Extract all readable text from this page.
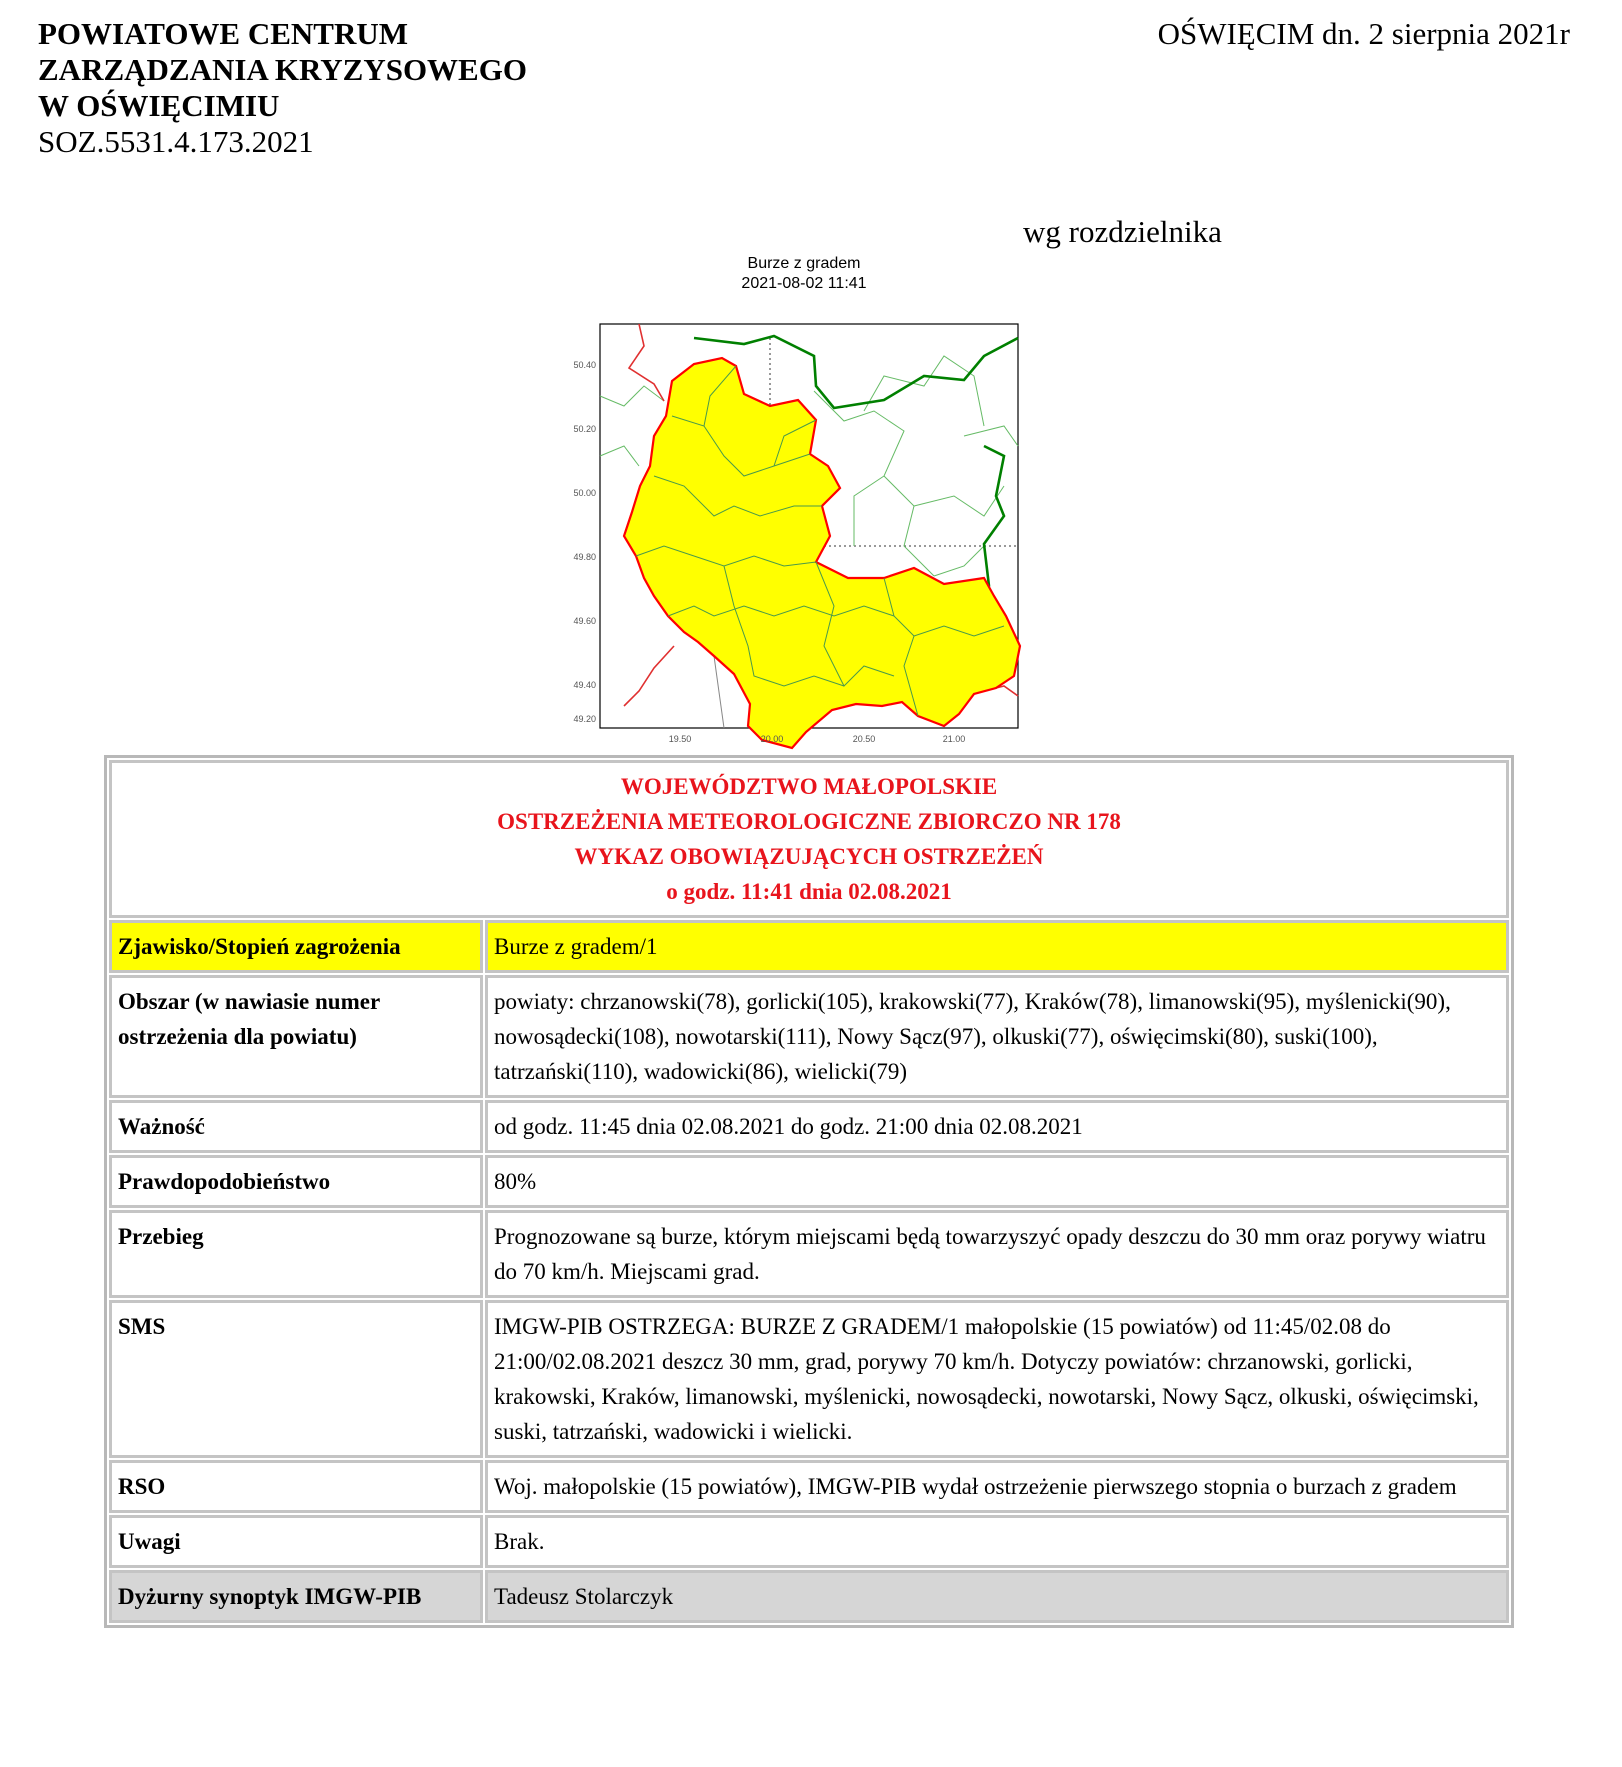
POWIATOWE CENTRUM
ZARZĄDZANIA KRYZYSOWEGO
W OŚWIĘCIMIU
SOZ.5531.4.173.2021
OŚWIĘCIM dn. 2 sierpnia 2021r
wg rozdzielnika
Burze z gradem
2021-08-02 11:41
50.40
50.20
50.00
49.80
49.60
49.40
49.20
19.50	20.00	20.50	21.00
WOJEWÓDZTWO MAŁOPOLSKIE
OSTRZEŻENIA METEOROLOGICZNE ZBIORCZO NR 178
WYKAZ OBOWIĄZUJĄCYCH OSTRZEŻEŃ
o godz. 11:41 dnia 02.08.2021	

Zjawisko/Stopień zagrożenia	Burze z gradem/1
Obszar (w nawiasie numer ostrzeżenia dla powiatu)	powiaty: chrzanowski(78), gorlicki(105), krakowski(77), Kraków(78), limanowski(95), myślenicki(90), nowosądecki(108), nowotarski(111), Nowy Sącz(97), olkuski(77), oświęcimski(80), suski(100), tatrzański(110), wadowicki(86), wielicki(79)
Ważność	od godz. 11:45 dnia 02.08.2021 do godz. 21:00 dnia 02.08.2021
Prawdopodobieństwo	80%
Przebieg	Prognozowane są burze, którym miejscami będą towarzyszyć opady deszczu do 30 mm oraz porywy wiatru do 70 km/h. Miejscami grad.
SMS	IMGW-PIB OSTRZEGA: BURZE Z GRADEM/1 małopolskie (15 powiatów) od 11:45/02.08 do 21:00/02.08.2021 deszcz 30 mm, grad, porywy 70 km/h. Dotyczy powiatów: chrzanowski, gorlicki, krakowski, Kraków, limanowski, myślenicki, nowosądecki, nowotarski, Nowy Sącz, olkuski, oświęcimski, suski, tatrzański, wadowicki i wielicki.
RSO	Woj. małopolskie (15 powiatów), IMGW-PIB wydał ostrzeżenie pierwszego stopnia o burzach z gradem
Uwagi	Brak.
Dyżurny synoptyk IMGW-PIB	Tadeusz Stolarczyk
